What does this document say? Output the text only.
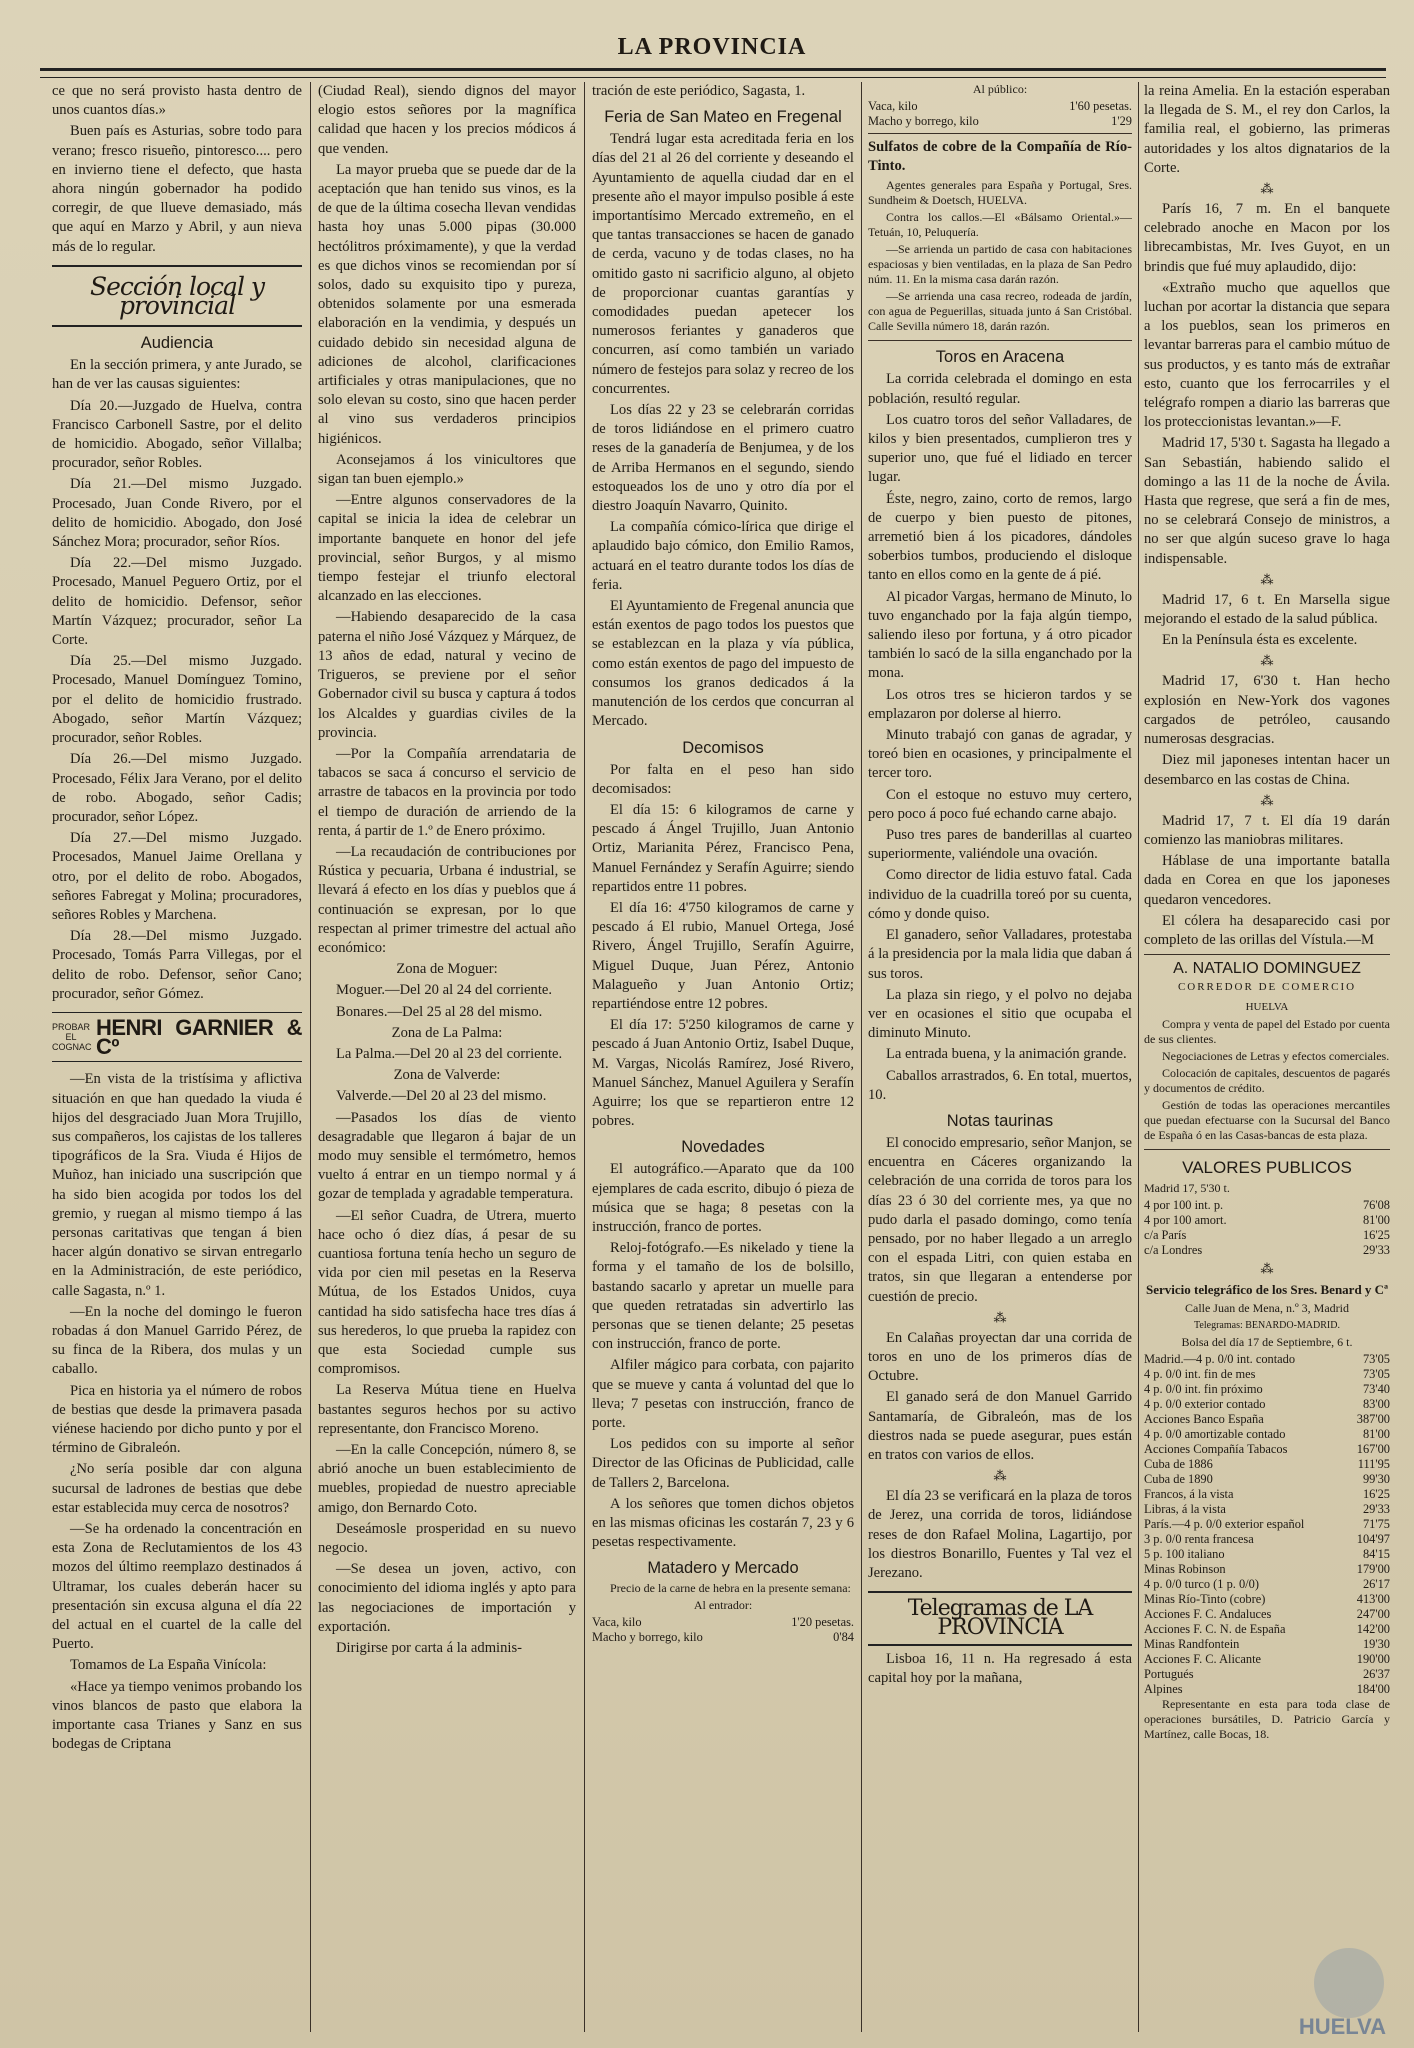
LA PROVINCIA

ce que no será provisto hasta dentro de unos cuantos días.»

Buen país es Asturias, sobre todo para verano; fresco risueño, pintoresco.... pero en invierno tiene el defecto, que hasta ahora ningún gobernador ha podido corregir, de que llueve demasiado, más que aquí en Marzo y Abril, y aun nieva más de lo regular.

Sección local y provincial
Audiencia

En la sección primera, y ante Jurado, se han de ver las causas siguientes:

Día 20.—Juzgado de Huelva, contra Francisco Carbonell Sastre, por el delito de homicidio. Abogado, señor Villalba; procurador, señor Robles.

Día 21.—Del mismo Juzgado. Procesado, Juan Conde Rivero, por el delito de homicidio. Abogado, don José Sánchez Mora; procurador, señor Ríos.

Día 22.—Del mismo Juzgado. Procesado, Manuel Peguero Ortiz, por el delito de homicidio. Defensor, señor Martín Vázquez; procurador, señor La Corte.

Día 25.—Del mismo Juzgado. Procesado, Manuel Domínguez Tomino, por el delito de homicidio frustrado. Abogado, señor Martín Vázquez; procurador, señor Robles.

Día 26.—Del mismo Juzgado. Procesado, Félix Jara Verano, por el delito de robo. Abogado, señor Cadis; procurador, señor López.

Día 27.—Del mismo Juzgado. Procesados, Manuel Jaime Orellana y otro, por el delito de robo. Abogados, señores Fabregat y Molina; procuradores, señores Robles y Marchena.

Día 28.—Del mismo Juzgado. Procesado, Tomás Parra Villegas, por el delito de robo. Defensor, señor Cano; procurador, señor Gómez.

PROBAR EL COGNAC
HENRI GARNIER & Cº

—En vista de la tristísima y aflictiva situación en que han quedado la viuda é hijos del desgraciado Juan Mora Trujillo, sus compañeros, los cajistas de los talleres tipográficos de la Sra. Viuda é Hijos de Muñoz, han iniciado una suscripción que ha sido bien acogida por todos los del gremio, y ruegan al mismo tiempo á las personas caritativas que tengan á bien hacer algún donativo se sirvan entregarlo en la Administración, de este periódico, calle Sagasta, n.º 1.

—En la noche del domingo le fueron robadas á don Manuel Garrido Pérez, de su finca de la Ribera, dos mulas y un caballo.

Pica en historia ya el número de robos de bestias que desde la primavera pasada viénese haciendo por dicho punto y por el término de Gibraleón.

¿No sería posible dar con alguna sucursal de ladrones de bestias que debe estar establecida muy cerca de nosotros?

—Se ha ordenado la concentración en esta Zona de Reclutamientos de los 43 mozos del último reemplazo destinados á Ultramar, los cuales deberán hacer su presentación sin excusa alguna el día 22 del actual en el cuartel de la calle del Puerto.

Tomamos de La España Vinícola:

«Hace ya tiempo venimos probando los vinos blancos de pasto que elabora la importante casa Trianes y Sanz en sus bodegas de Criptana

(Ciudad Real), siendo dignos del mayor elogio estos señores por la magnífica calidad que hacen y los precios módicos á que venden.

La mayor prueba que se puede dar de la aceptación que han tenido sus vinos, es la de que de la última cosecha llevan vendidas hasta hoy unas 5.000 pipas (30.000 hectólitros próximamente), y que la verdad es que dichos vinos se recomiendan por sí solos, dado su exquisito tipo y pureza, obtenidos solamente por una esmerada elaboración en la vendimia, y después un cuidado debido sin necesidad alguna de adiciones de alcohol, clarificaciones artificiales y otras manipulaciones, que no solo elevan su costo, sino que hacen perder al vino sus verdaderos principios higiénicos.

Aconsejamos á los vinicultores que sigan tan buen ejemplo.»

—Entre algunos conservadores de la capital se inicia la idea de celebrar un importante banquete en honor del jefe provincial, señor Burgos, y al mismo tiempo festejar el triunfo electoral alcanzado en las elecciones.

—Habiendo desaparecido de la casa paterna el niño José Vázquez y Márquez, de 13 años de edad, natural y vecino de Trigueros, se previene por el señor Gobernador civil su busca y captura á todos los Alcaldes y guardias civiles de la provincia.

—Por la Compañía arrendataria de tabacos se saca á concurso el servicio de arrastre de tabacos en la provincia por todo el tiempo de duración de arriendo de la renta, á partir de 1.º de Enero próximo.

—La recaudación de contribuciones por Rústica y pecuaria, Urbana é industrial, se llevará á efecto en los días y pueblos que á continuación se expresan, por lo que respectan al primer trimestre del actual año económico:

Zona de Moguer:

Moguer.—Del 20 al 24 del corriente.

Bonares.—Del 25 al 28 del mismo.

Zona de La Palma:

La Palma.—Del 20 al 23 del corriente.

Zona de Valverde:

Valverde.—Del 20 al 23 del mismo.

—Pasados los días de viento desagradable que llegaron á bajar de un modo muy sensible el termómetro, hemos vuelto á entrar en un tiempo normal y á gozar de templada y agradable temperatura.

—El señor Cuadra, de Utrera, muerto hace ocho ó diez días, á pesar de su cuantiosa fortuna tenía hecho un seguro de vida por cien mil pesetas en la Reserva Mútua, de los Estados Unidos, cuya cantidad ha sido satisfecha hace tres días á sus herederos, lo que prueba la rapidez con que esta Sociedad cumple sus compromisos.

La Reserva Mútua tiene en Huelva bastantes seguros hechos por su activo representante, don Francisco Moreno.

—En la calle Concepción, número 8, se abrió anoche un buen establecimiento de muebles, propiedad de nuestro apreciable amigo, don Bernardo Coto.

Deseámosle prosperidad en su nuevo negocio.

—Se desea un joven, activo, con conocimiento del idioma inglés y apto para las negociaciones de importación y exportación.

Dirigirse por carta á la adminis-

tración de este periódico, Sagasta, 1.

Feria de San Mateo en Fregenal

Tendrá lugar esta acreditada feria en los días del 21 al 26 del corriente y deseando el Ayuntamiento de aquella ciudad dar en el presente año el mayor impulso posible á este importantísimo Mercado extremeño, en el que tantas transacciones se hacen de ganado de cerda, vacuno y de todas clases, no ha omitido gasto ni sacrificio alguno, al objeto de proporcionar cuantas garantías y comodidades puedan apetecer los numerosos feriantes y ganaderos que concurren, así como también un variado número de festejos para solaz y recreo de los concurrentes.

Los días 22 y 23 se celebrarán corridas de toros lidiándose en el primero cuatro reses de la ganadería de Benjumea, y de los de Arriba Hermanos en el segundo, siendo estoqueados los de uno y otro día por el diestro Joaquín Navarro, Quinito.

La compañía cómico-lírica que dirige el aplaudido bajo cómico, don Emilio Ramos, actuará en el teatro durante todos los días de feria.

El Ayuntamiento de Fregenal anuncia que están exentos de pago todos los puestos que se establezcan en la plaza y vía pública, como están exentos de pago del impuesto de consumos los granos dedicados á la manutención de los cerdos que concurran al Mercado.

Decomisos

Por falta en el peso han sido decomisados:

El día 15: 6 kilogramos de carne y pescado á Ángel Trujillo, Juan Antonio Ortiz, Marianita Pérez, Francisco Pena, Manuel Fernández y Serafín Aguirre; siendo repartidos entre 11 pobres.

El día 16: 4'750 kilogramos de carne y pescado á El rubio, Manuel Ortega, José Rivero, Ángel Trujillo, Serafín Aguirre, Miguel Duque, Juan Pérez, Antonio Malagueño y Juan Antonio Ortiz; repartiéndose entre 12 pobres.

El día 17: 5'250 kilogramos de carne y pescado á Juan Antonio Ortiz, Isabel Duque, M. Vargas, Nicolás Ramírez, José Rivero, Manuel Sánchez, Manuel Aguilera y Serafín Aguirre; los que se repartieron entre 12 pobres.

Novedades

El autográfico.—Aparato que da 100 ejemplares de cada escrito, dibujo ó pieza de música que se haga; 8 pesetas con la instrucción, franco de portes.

Reloj-fotógrafo.—Es nikelado y tiene la forma y el tamaño de los de bolsillo, bastando sacarlo y apretar un muelle para que queden retratadas sin advertirlo las personas que se tienen delante; 25 pesetas con instrucción, franco de porte.

Alfiler mágico para corbata, con pajarito que se mueve y canta á voluntad del que lo lleva; 7 pesetas con instrucción, franco de porte.

Los pedidos con su importe al señor Director de las Oficinas de Publicidad, calle de Tallers 2, Barcelona.

A los señores que tomen dichos objetos en las mismas oficinas les costarán 7, 23 y 6 pesetas respectivamente.

Matadero y Mercado

Precio de la carne de hebra en la presente semana:

Al entrador:

Vaca, kilo	1'20 pesetas.
Macho y borrego, kilo	0'84

Al público:

Vaca, kilo	1'60 pesetas.
Macho y borrego, kilo	1'29

Sulfatos de cobre de la Compañía de Río-Tinto.

Agentes generales para España y Portugal, Sres. Sundheim & Doetsch, HUELVA.

Contra los callos.—El «Bálsamo Oriental.»—Tetuán, 10, Peluquería.

—Se arrienda un partido de casa con habitaciones espaciosas y bien ventiladas, en la plaza de San Pedro núm. 11. En la misma casa darán razón.

—Se arrienda una casa recreo, rodeada de jardín, con agua de Peguerillas, situada junto á San Cristóbal. Calle Sevilla número 18, darán razón.

Toros en Aracena

La corrida celebrada el domingo en esta población, resultó regular.

Los cuatro toros del señor Valladares, de kilos y bien presentados, cumplieron tres y superior uno, que fué el lidiado en tercer lugar.

Éste, negro, zaino, corto de remos, largo de cuerpo y bien puesto de pitones, arremetió bien á los picadores, dándoles soberbios tumbos, produciendo el disloque tanto en ellos como en la gente de á pié.

Al picador Vargas, hermano de Minuto, lo tuvo enganchado por la faja algún tiempo, saliendo ileso por fortuna, y á otro picador también lo sacó de la silla enganchado por la mona.

Los otros tres se hicieron tardos y se emplazaron por dolerse al hierro.

Minuto trabajó con ganas de agradar, y toreó bien en ocasiones, y principalmente el tercer toro.

Con el estoque no estuvo muy certero, pero poco á poco fué echando carne abajo.

Puso tres pares de banderillas al cuarteo superiormente, valiéndole una ovación.

Como director de lidia estuvo fatal. Cada individuo de la cuadrilla toreó por su cuenta, cómo y donde quiso.

El ganadero, señor Valladares, protestaba á la presidencia por la mala lidia que daban á sus toros.

La plaza sin riego, y el polvo no dejaba ver en ocasiones el sitio que ocupaba el diminuto Minuto.

La entrada buena, y la animación grande.

Caballos arrastrados, 6. En total, muertos, 10.

Notas taurinas

El conocido empresario, señor Manjon, se encuentra en Cáceres organizando la celebración de una corrida de toros para los días 23 ó 30 del corriente mes, ya que no pudo darla el pasado domingo, como tenía pensado, por no haber llegado a un arreglo con el espada Litri, con quien estaba en tratos, sin que llegaran a entenderse por cuestión de precio.

⁂

En Calañas proyectan dar una corrida de toros en uno de los primeros días de Octubre.

El ganado será de don Manuel Garrido Santamaría, de Gibraleón, mas de los diestros nada se puede asegurar, pues están en tratos con varios de ellos.

⁂

El día 23 se verificará en la plaza de toros de Jerez, una corrida de toros, lidiándose reses de don Rafael Molina, Lagartijo, por los diestros Bonarillo, Fuentes y Tal vez el Jerezano.

Telegramas de LA PROVINCIA

Lisboa 16, 11 n. Ha regresado á esta capital hoy por la mañana,

la reina Amelia. En la estación esperaban la llegada de S. M., el rey don Carlos, la familia real, el gobierno, las primeras autoridades y los altos dignatarios de la Corte.

⁂

París 16, 7 m. En el banquete celebrado anoche en Macon por los librecambistas, Mr. Ives Guyot, en un brindis que fué muy aplaudido, dijo:

«Extraño mucho que aquellos que luchan por acortar la distancia que separa a los pueblos, sean los primeros en levantar barreras para el cambio mútuo de sus productos, y es tanto más de extrañar esto, cuanto que los ferrocarriles y el telégrafo rompen a diario las barreras que los proteccionistas levantan.»—F.

Madrid 17, 5'30 t. Sagasta ha llegado a San Sebastián, habiendo salido el domingo a las 11 de la noche de Ávila. Hasta que regrese, que será a fin de mes, no se celebrará Consejo de ministros, a no ser que algún suceso grave lo haga indispensable.

⁂

Madrid 17, 6 t. En Marsella sigue mejorando el estado de la salud pública.

En la Península ésta es excelente.

⁂

Madrid 17, 6'30 t. Han hecho explosión en New-York dos vagones cargados de petróleo, causando numerosas desgracias.

Diez mil japoneses intentan hacer un desembarco en las costas de China.

⁂

Madrid 17, 7 t. El día 19 darán comienzo las maniobras militares.

Háblase de una importante batalla dada en Corea en que los japoneses quedaron vencedores.

El cólera ha desaparecido casi por completo de las orillas del Vístula.—M

A. NATALIO DOMINGUEZ
CORREDOR DE COMERCIO
HUELVA

Compra y venta de papel del Estado por cuenta de sus clientes.

Negociaciones de Letras y efectos comerciales.

Colocación de capitales, descuentos de pagarés y documentos de crédito.

Gestión de todas las operaciones mercantiles que puedan efectuarse con la Sucursal del Banco de España ó en las Casas-bancas de esta plaza.

VALORES PUBLICOS

Madrid 17, 5'30 t.

4 por 100 int. p.	76'08
4 por 100 amort.	81'00
c/a París	16'25
c/a Londres	29'33
⁂

Servicio telegráfico de los Sres. Benard y Cª

Calle Juan de Mena, n.º 3, Madrid

Telegramas: BENARDO-MADRID.

Bolsa del día 17 de Septiembre, 6 t.

Madrid.—4 p. 0/0 int. contado	73'05
4 p. 0/0 int. fin de mes	73'05
4 p. 0/0 int. fin próximo	73'40
4 p. 0/0 exterior contado	83'00
Acciones Banco España	387'00
4 p. 0/0 amortizable contado	81'00
Acciones Compañía Tabacos	167'00
Cuba de 1886	111'95
Cuba de 1890	99'30
Francos, á la vista	16'25
Libras, á la vista	29'33
París.—4 p. 0/0 exterior español	71'75
3 p. 0/0 renta francesa	104'97
5 p. 100 italiano	84'15
Minas Robinson	179'00
4 p. 0/0 turco (1 p. 0/0)	26'17
Minas Río-Tinto (cobre)	413'00
Acciones F. C. Andaluces	247'00
Acciones F. C. N. de España	142'00
Minas Randfontein	19'30
Acciones F. C. Alicante	190'00
Portugués	26'37
Alpines	184'00

Representante en esta para toda clase de operaciones bursátiles, D. Patricio García y Martínez, calle Bocas, 18.

HUELVA
